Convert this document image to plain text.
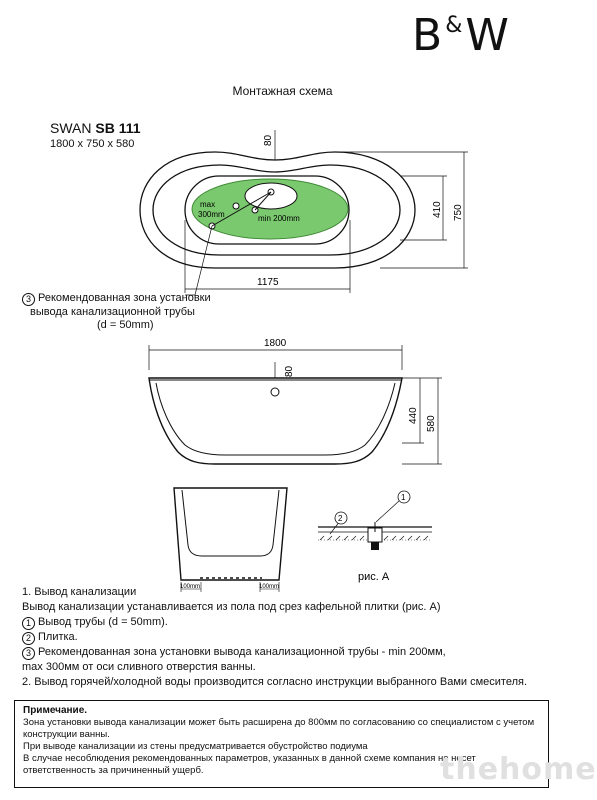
B&W
Монтажная схема
SWAN SB 111
1800 x 750 x 580
max
300mm	min 200mm
80
410 750
1175
1800
80
440 580
100mm	100mm
1
2
рис. А
3 Рекомендованная зона установки
вывода канализационной трубы
(d = 50mm)
1. Вывод канализации
Вывод канализации устанавливается из пола под срез кафельной плитки (рис. А)
1 Вывод трубы (d = 50mm).
2 Плитка.
3 Рекомендованная зона установки вывода канализационной трубы - min 200мм,
max 300мм от оси сливного отверстия ванны.
2. Вывод горячей/холодной воды производится согласно инструкции выбранного Вами смесителя.
Примечание.
Зона установки вывода канализации может быть расширена до 800мм по согласованию со специалистом с учетом
конструкции ванны.
При выводе канализации из стены предусматривается обустройство подиума
В случае несоблюдения рекомендованных параметров, указанных в данной схеме компания не несет
ответственность за причиненный ущерб.	thehome
